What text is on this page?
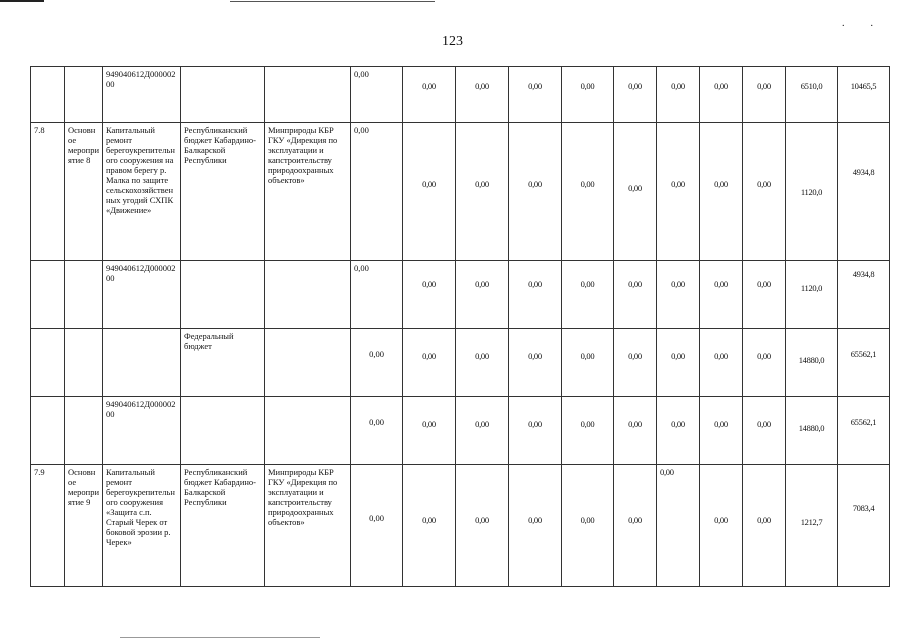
..
123
		949040612Д00000200			0,00	0,00	0,00	0,00	0,00	0,00	0,00	0,00	0,00	6510,0	10465,5
7.8	Основное мероприятие 8	Капитальный ремонт берегоукрепительного сооружения на правом берегу р. Малка по защите сельскохозяйственных угодий СХПК «Движение»	Республиканский бюджет Кабардино-Балкарской Республики	Минприроды КБР ГКУ «Дирекция по эксплуатации и капстроительству природоохранных объектов»	0,00	0,00	0,00	0,00	0,00	0,00	0,00	0,00	0,00	1120,0	4934,8
		949040612Д00000200			0,00	0,00	0,00	0,00	0,00	0,00	0,00	0,00	0,00	1120,0	4934,8
			Федеральный бюджет		0,00	0,00	0,00	0,00	0,00	0,00	0,00	0,00	0,00	14880,0	65562,1
		949040612Д00000200			0,00	0,00	0,00	0,00	0,00	0,00	0,00	0,00	0,00	14880,0	65562,1
7.9	Основное мероприятие 9	Капитальный ремонт берегоукрепительного сооружения «Защита с.п. Старый Черек от боковой эрозии р. Черек»	Республиканский бюджет Кабардино-Балкарской Республики	Минприроды КБР ГКУ «Дирекция по эксплуатации и капстроительству природоохранных объектов»	0,00	0,00	0,00	0,00	0,00	0,00	0,00	0,00	0,00	1212,7	7083,4
